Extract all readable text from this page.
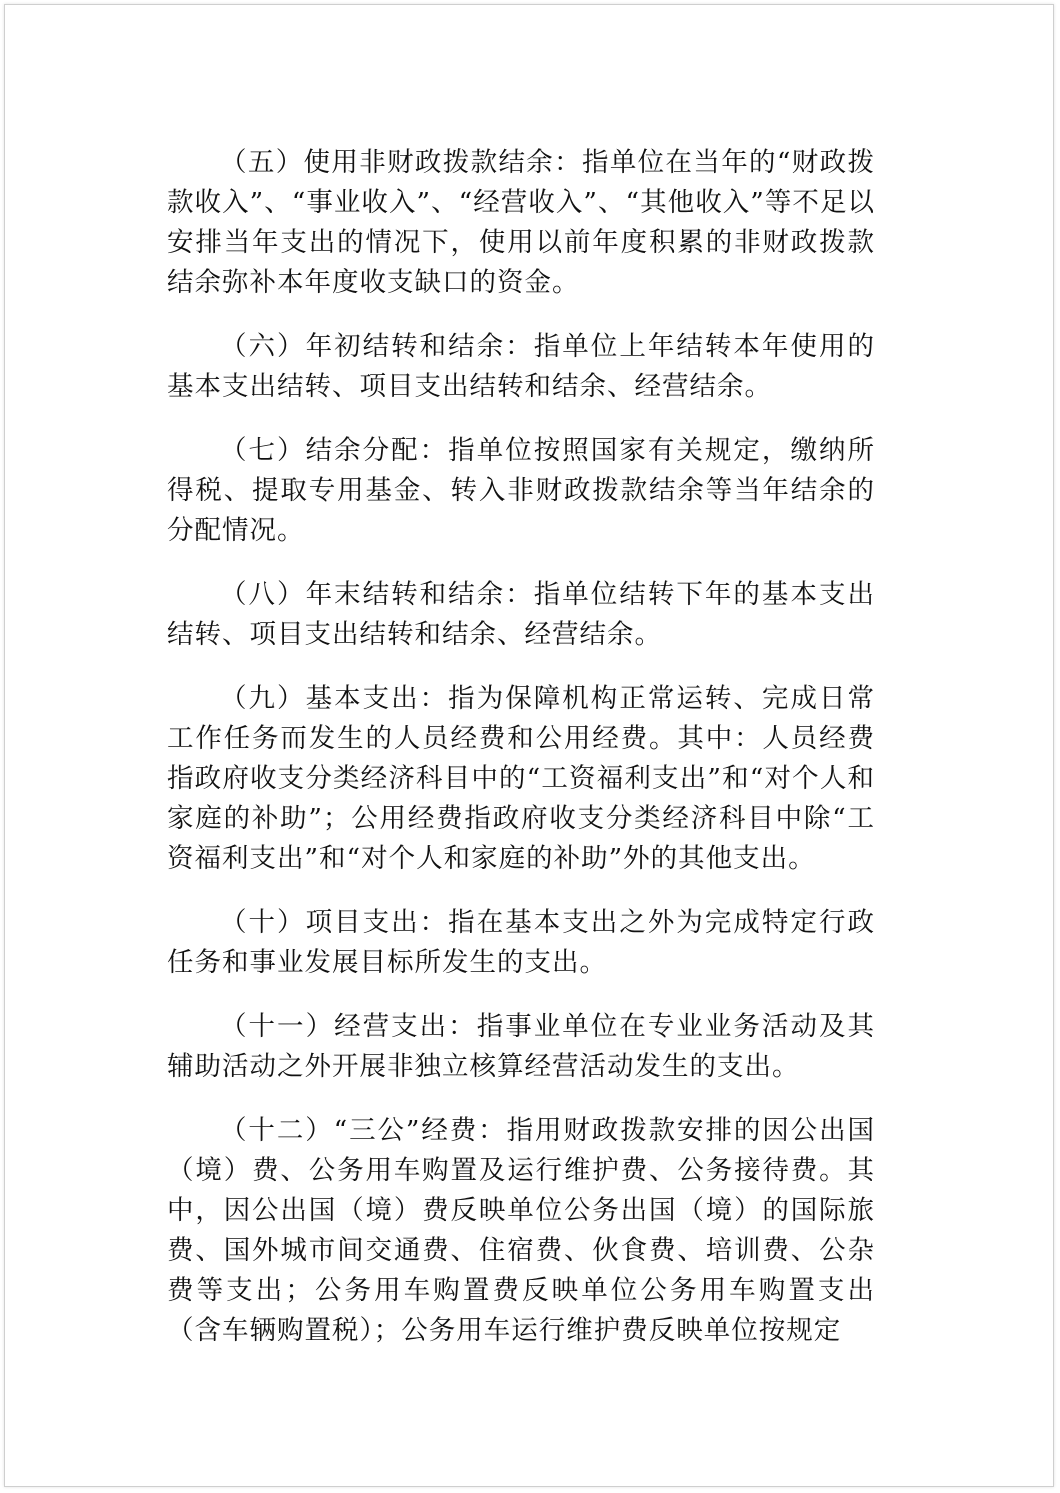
（五）使用非财政拨款结余：指单位在当年的“财政拨款收入”、“事业收入”、“经营收入”、“其他收入”等不足以安排当年支出的情况下，使用以前年度积累的非财政拨款结余弥补本年度收支缺口的资金。

（六）年初结转和结余：指单位上年结转本年使用的基本支出结转、项目支出结转和结余、经营结余。

（七）结余分配：指单位按照国家有关规定，缴纳所得税、提取专用基金、转入非财政拨款结余等当年结余的分配情况。

（八）年末结转和结余：指单位结转下年的基本支出结转、项目支出结转和结余、经营结余。

（九）基本支出：指为保障机构正常运转、完成日常工作任务而发生的人员经费和公用经费。其中：人员经费指政府收支分类经济科目中的“工资福利支出”和“对个人和家庭的补助”；公用经费指政府收支分类经济科目中除“工资福利支出”和“对个人和家庭的补助”外的其他支出。

（十）项目支出：指在基本支出之外为完成特定行政任务和事业发展目标所发生的支出。

（十一）经营支出：指事业单位在专业业务活动及其辅助活动之外开展非独立核算经营活动发生的支出。

（十二）“三公”经费：指用财政拨款安排的因公出国（境）费、公务用车购置及运行维护费、公务接待费。其中，因公出国（境）费反映单位公务出国（境）的国际旅费、国外城市间交通费、住宿费、伙食费、培训费、公杂费等支出；公务用车购置费反映单位公务用车购置支出（含车辆购置税）；公务用车运行维护费反映单位按规定
